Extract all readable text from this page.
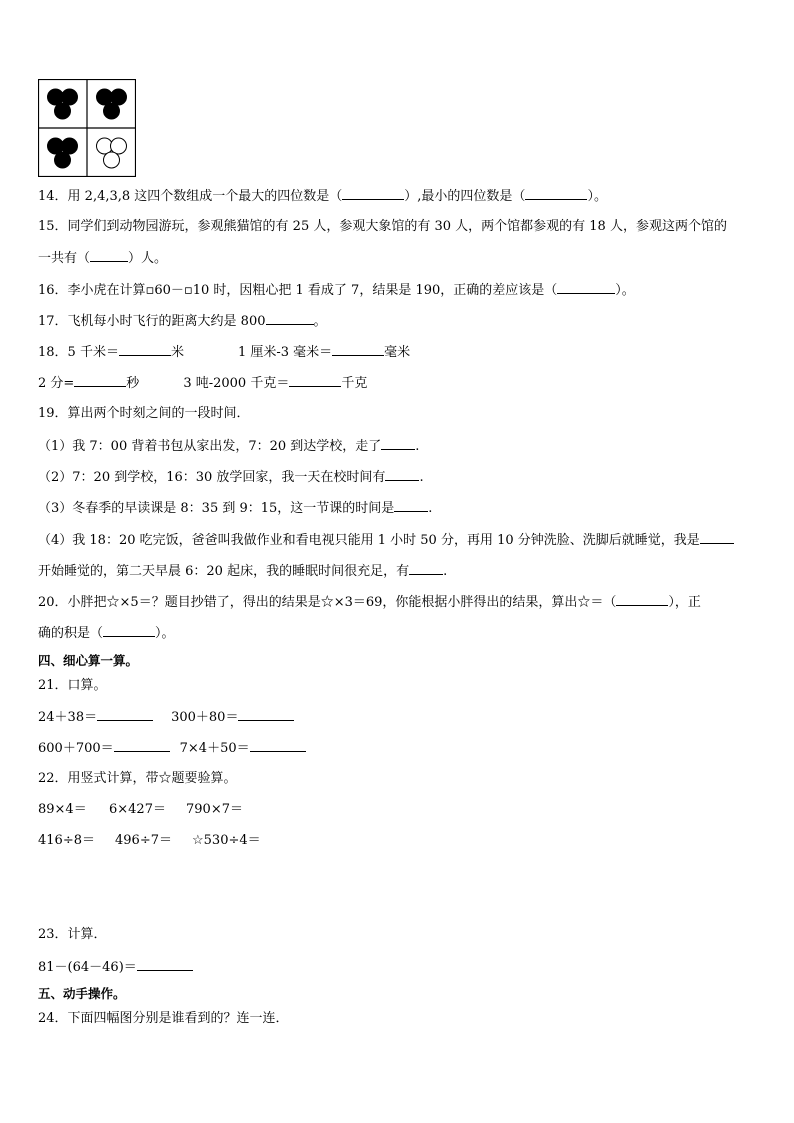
14．用 2,4,3,8 这四个数组成一个最大的四位数是（	）,最小的四位数是（	）。
15．同学们到动物园游玩，参观熊猫馆的有 25 人，参观大象馆的有 30 人，两个馆都参观的有 18 人，参观这两个馆的
一共有（	）人。
16．李小虎在计算▫60－▫10 时，因粗心把 1 看成了 7，结果是 190，正确的差应该是（	）。
17．飞机每小时飞行的距离大约是 800	。
18．5 千米＝	米	1 厘米-3 毫米＝	毫米
2 分=	秒	3 吨-2000 千克＝	千克
19．算出两个时刻之间的一段时间．
（1）我 7：00 背着书包从家出发，7：20 到达学校，走了	.
（2）7：20 到学校，16：30 放学回家，我一天在校时间有	.
（3）冬春季的早读课是 8：35 到 9：15，这一节课的时间是	.
（4）我 18：20 吃完饭，爸爸叫我做作业和看电视只能用 1 小时 50 分，再用 10 分钟洗脸、洗脚后就睡觉，我是
开始睡觉的，第二天早晨 6：20 起床，我的睡眠时间很充足，有	.
20．小胖把☆×5＝？题目抄错了，得出的结果是☆×3＝69，你能根据小胖得出的结果，算出☆＝（	），正
确的积是（	）。
四、细心算一算。
21．口算。
24＋38＝	300＋80＝
600＋700＝	7×4＋50＝
22．用竖式计算，带☆题要验算。
89×4＝ 6×427＝ 790×7＝
416÷8＝ 496÷7＝ ☆530÷4＝
23．计算．
81－(64－46)＝
五、动手操作。
24．下面四幅图分别是谁看到的？连一连．
